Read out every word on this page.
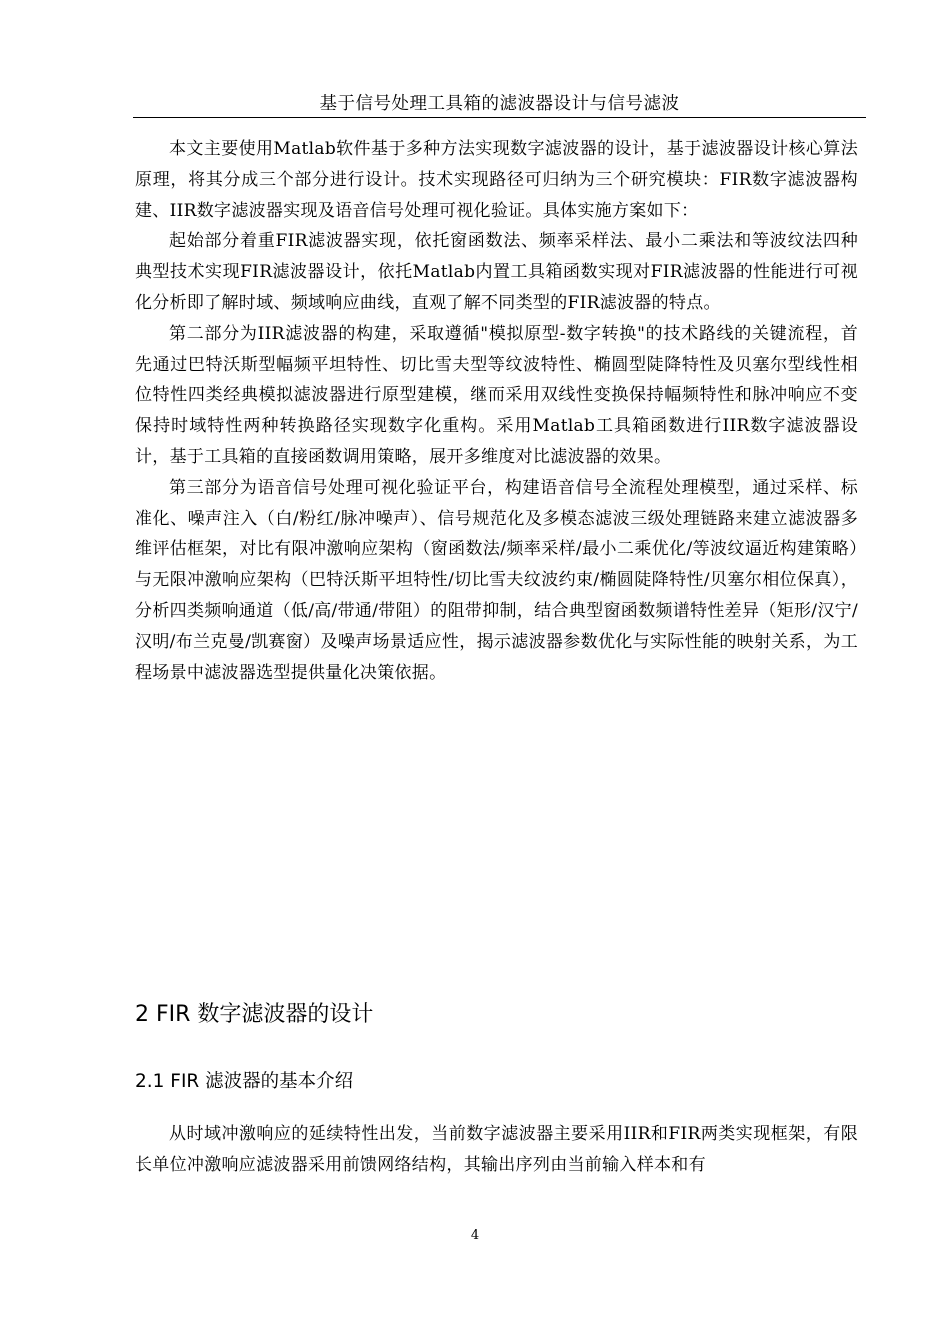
基于信号处理工具箱的滤波器设计与信号滤波

本文主要使用Matlab软件基于多种方法实现数字滤波器的设计，基于滤波器设计核心算法原理，将其分成三个部分进行设计。技术实现路径可归纳为三个研究模块：FIR数字滤波器构建、IIR数字滤波器实现及语音信号处理可视化验证。具体实施方案如下：

起始部分着重FIR滤波器实现，依托窗函数法、频率采样法、最小二乘法和等波纹法四种典型技术实现FIR滤波器设计，依托Matlab内置工具箱函数实现对FIR滤波器的性能进行可视化分析即了解时域、频域响应曲线，直观了解不同类型的FIR滤波器的特点。

第二部分为IIR滤波器的构建，采取遵循"模拟原型-数字转换"的技术路线的关键流程，首先通过巴特沃斯型幅频平坦特性、切比雪夫型等纹波特性、椭圆型陡降特性及贝塞尔型线性相位特性四类经典模拟滤波器进行原型建模，继而采用双线性变换保持幅频特性和脉冲响应不变保持时域特性两种转换路径实现数字化重构。采用Matlab工具箱函数进行IIR数字滤波器设计，基于工具箱的直接函数调用策略，展开多维度对比滤波器的效果。

第三部分为语音信号处理可视化验证平台，构建语音信号全流程处理模型，通过采样、标准化、噪声注入（白/粉红/脉冲噪声）、信号规范化及多模态滤波三级处理链路来建立滤波器多维评估框架，对比有限冲激响应架构（窗函数法/频率采样/最小二乘优化/等波纹逼近构建策略）与无限冲激响应架构（巴特沃斯平坦特性/切比雪夫纹波约束/椭圆陡降特性/贝塞尔相位保真），分析四类频响通道（低/高/带通/带阻）的阻带抑制，结合典型窗函数频谱特性差异（矩形/汉宁/汉明/布兰克曼/凯赛窗）及噪声场景适应性，揭示滤波器参数优化与实际性能的映射关系，为工程场景中滤波器选型提供量化决策依据。

2 FIR 数字滤波器的设计
2.1 FIR 滤波器的基本介绍

从时域冲激响应的延续特性出发，当前数字滤波器主要采用IIR和FIR两类实现框架，有限长单位冲激响应滤波器采用前馈网络结构，其输出序列由当前输入样本和有

4
